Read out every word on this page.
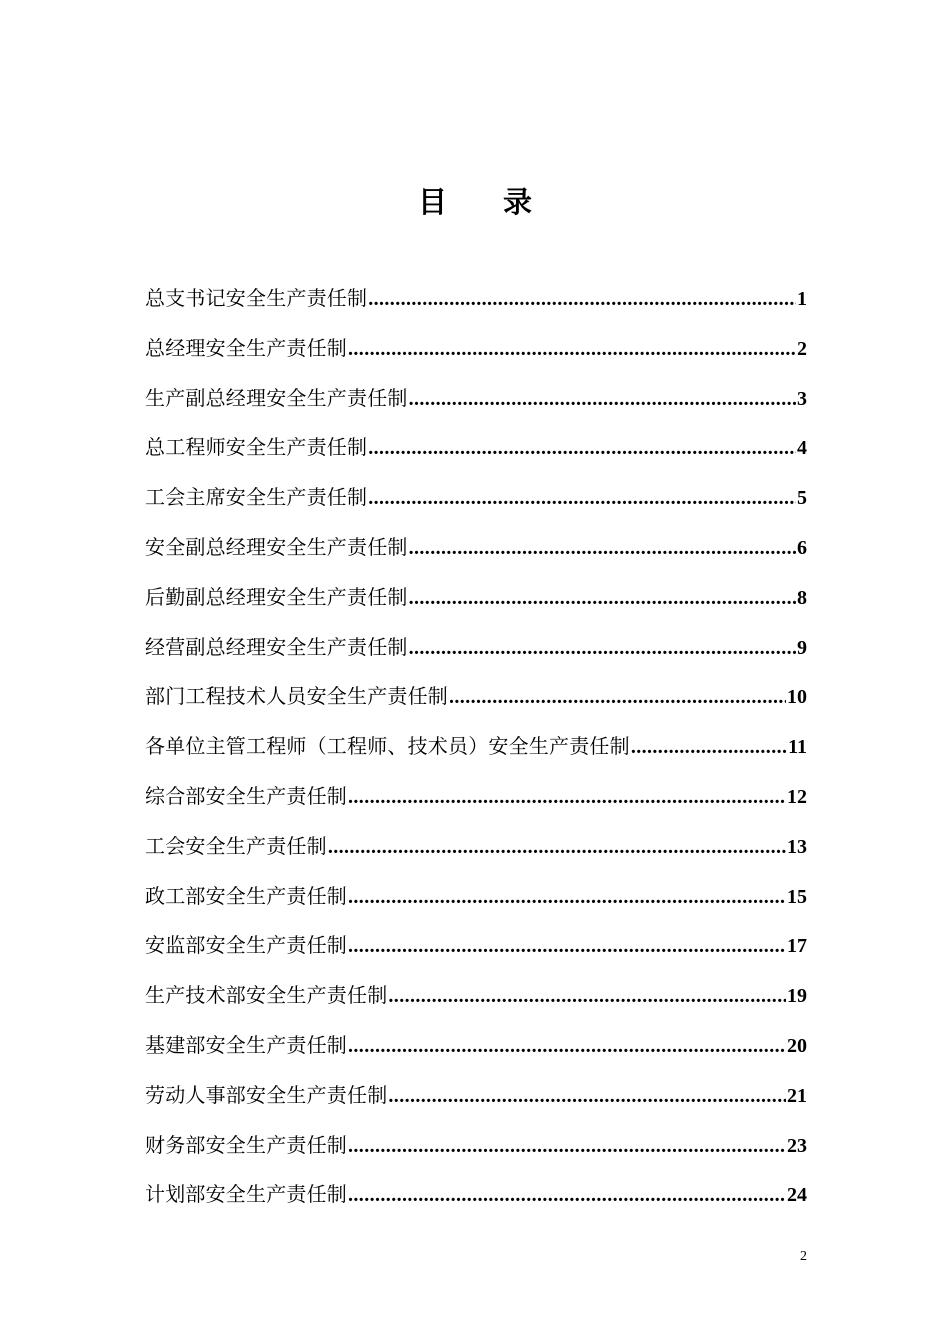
目 录
总支书记安全生产责任制 .....	1
总经理安全生产责任制 .....	2
生产副总经理安全生产责任制 .....	3
总工程师安全生产责任制 .....	4
工会主席安全生产责任制 .....	5
安全副总经理安全生产责任制 .....	6
后勤副总经理安全生产责任制 .....	8
经营副总经理安全生产责任制 .....	9
部门工程技术人员安全生产责任制 .....	10
各单位主管工程师（工程师、技术员）安全生产责任制 .....	11
综合部安全生产责任制 .....	12
工会安全生产责任制 .....	13
政工部安全生产责任制 .....	15
安监部安全生产责任制 .....	17
生产技术部安全生产责任制 .....	19
基建部安全生产责任制 .....	20
劳动人事部安全生产责任制 .....	21
财务部安全生产责任制 .....	23
计划部安全生产责任制 .....	24
2
